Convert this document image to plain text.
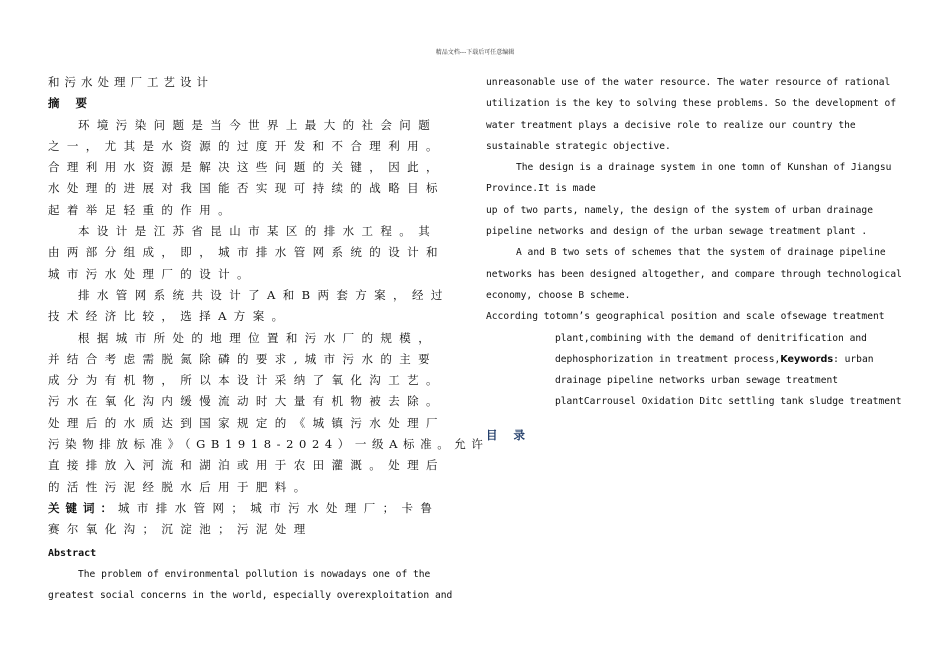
精品文档---下载后可任意编辑

和污水处理厂工艺设计

摘 要

环境污染问题是当今世界上最大的社会问题

之一，尤其是水资源的过度开发和不合理利用。

合理利用水资源是解决这些问题的关键，因此，

水处理的进展对我国能否实现可持续的战略目标

起着举足轻重的作用。

本设计是江苏省昆山市某区的排水工程。其

由两部分组成，即，城市排水管网系统的设计和

城市污水处理厂的设计。

排水管网系统共设计了A和B两套方案，经过

技术经济比较，选择A方案。

根据城市所处的地理位置和污水厂的规模，

并结合考虑需脱氮除磷的要求,城市污水的主要

成分为有机物，所以本设计采纳了氧化沟工艺。

污水在氧化沟内缓慢流动时大量有机物被去除。

处理后的水质达到国家规定的《城镇污水处理厂

污染物排放标准》（GB1918-2024）一级A标准。允许

直接排放入河流和湖泊或用于农田灌溉。处理后

的活性污泥经脱水后用于肥料。

关键词：城市排水管网；城市污水处理厂；卡鲁

赛尔氧化沟；沉淀池；污泥处理

Abstract

The problem of environmental pollution is nowadays one of the

greatest social concerns in the world, especially overexploitation and

unreasonable use of the water resource. The water resource of rational

utilization is the key to solving these problems. So the development of

water treatment plays a decisive role to realize our country the

sustainable strategic objective.

The design is a drainage system in one tomn of Kunshan of Jiangsu

Province.It is made

up of two parts, namely, the design of the system of urban drainage

pipeline networks and design of the urban sewage treatment plant .

A and B two sets of schemes that the system of drainage pipeline

networks has been designed altogether, and compare through technological

economy, choose B scheme.

According totomn’s geographical position and scale ofsewage treatment

plant,combining with the demand of denitrification and

dephosphorization in treatment process,Keywords: urban

drainage pipeline networks urban sewage treatment

plantCarrousel Oxidation Ditc settling tank sludge treatment

目 录
